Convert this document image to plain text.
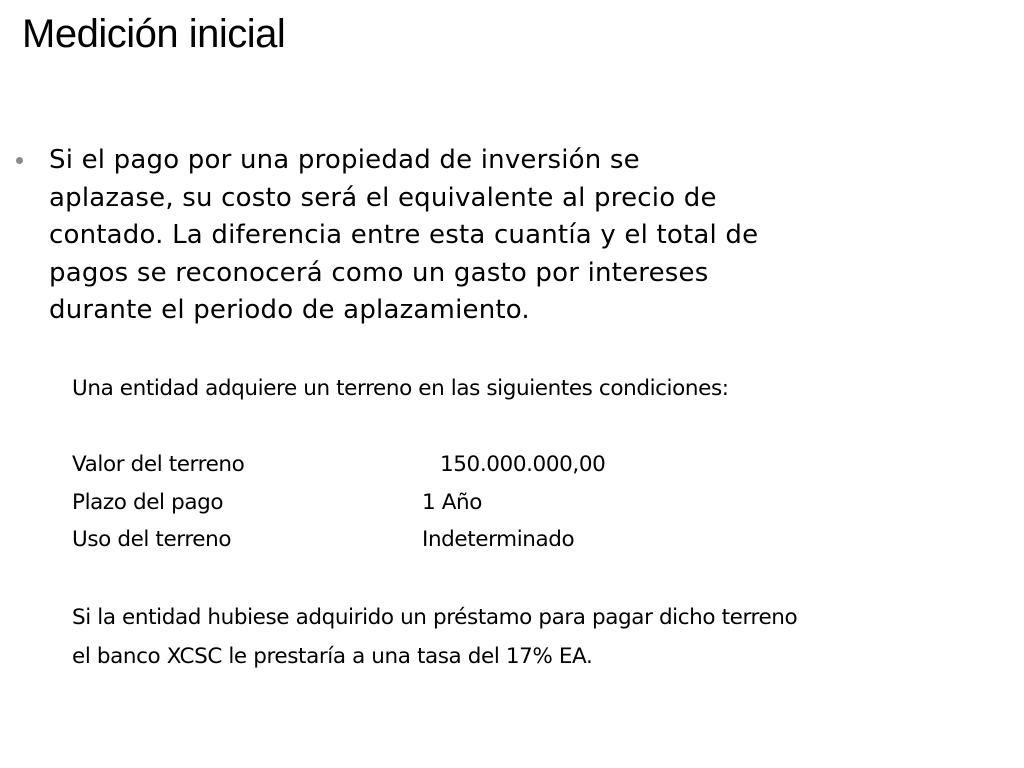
Medición inicial
Si el pago por una propiedad de inversión se
aplazase, su costo será el equivalente al precio de
contado. La diferencia entre esta cuantía y el total de
pagos se reconocerá como un gasto por intereses
durante el periodo de aplazamiento.
Una entidad adquiere un terreno en las siguientes condiciones:
Valor del terreno	150.000.000,00
Plazo del pago	1 Año
Uso del terreno	Indeterminado
Si la entidad hubiese adquirido un préstamo para pagar dicho terreno
el banco XCSC le prestaría a una tasa del 17% EA.
